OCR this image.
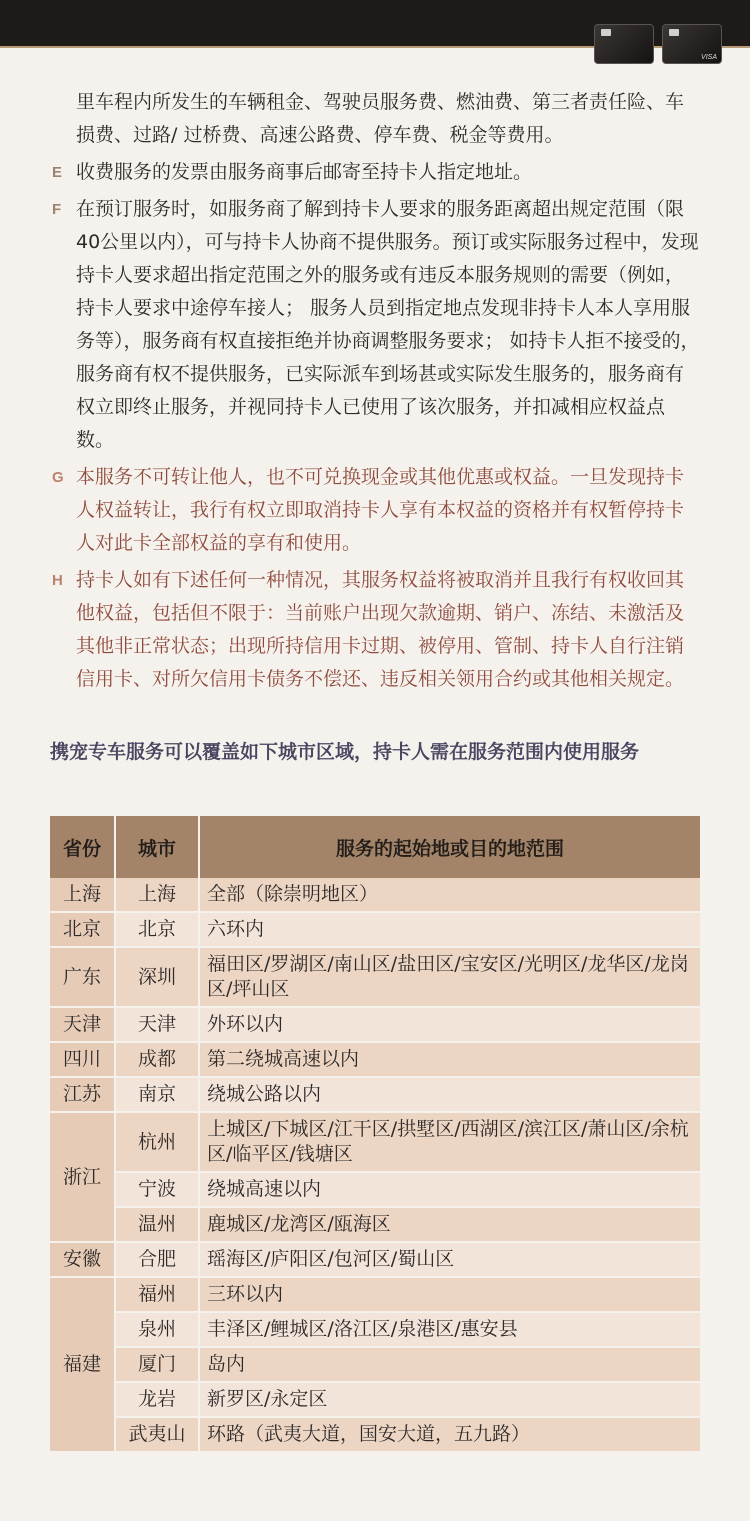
VISA
里车程内所发生的车辆租金、驾驶员服务费、燃油费、第三者责任险、车损费、过路/ 过桥费、高速公路费、停车费、税金等费用。
E 收费服务的发票由服务商事后邮寄至持卡人指定地址。
F 在预订服务时，如服务商了解到持卡人要求的服务距离超出规定范围（限40公里以内），可与持卡人协商不提供服务。预订或实际服务过程中，发现持卡人要求超出指定范围之外的服务或有违反本服务规则的需要（例如，持卡人要求中途停车接人； 服务人员到指定地点发现非持卡人本人享用服务等），服务商有权直接拒绝并协商调整服务要求； 如持卡人拒不接受的，服务商有权不提供服务，已实际派车到场甚或实际发生服务的，服务商有权立即终止服务，并视同持卡人已使用了该次服务，并扣减相应权益点数。
G 本服务不可转让他人，也不可兑换现金或其他优惠或权益。一旦发现持卡人权益转让，我行有权立即取消持卡人享有本权益的资格并有权暂停持卡人对此卡全部权益的享有和使用。
H 持卡人如有下述任何一种情况，其服务权益将被取消并且我行有权收回其他权益，包括但不限于：当前账户出现欠款逾期、销户、冻结、未激活及其他非正常状态；出现所持信用卡过期、被停用、管制、持卡人自行注销信用卡、对所欠信用卡债务不偿还、违反相关领用合约或其他相关规定。
携宠专车服务可以覆盖如下城市区域，持卡人需在服务范围内使用服务
省份	城市	服务的起始地或目的地范围
上海	上海	全部（除崇明地区）
北京	北京	六环内
广东	深圳	福田区/罗湖区/南山区/盐田区/宝安区/光明区/龙华区/龙岗区/坪山区
天津	天津	外环以内
四川	成都	第二绕城高速以内
江苏	南京	绕城公路以内
浙江	杭州	上城区/下城区/江干区/拱墅区/西湖区/滨江区/萧山区/余杭区/临平区/钱塘区
	宁波	绕城高速以内
	温州	鹿城区/龙湾区/瓯海区
安徽	合肥	瑶海区/庐阳区/包河区/蜀山区
福建	福州	三环以内
	泉州	丰泽区/鲤城区/洛江区/泉港区/惠安县
	厦门	岛内
	龙岩	新罗区/永定区
	武夷山	环路（武夷大道，国安大道，五九路）
